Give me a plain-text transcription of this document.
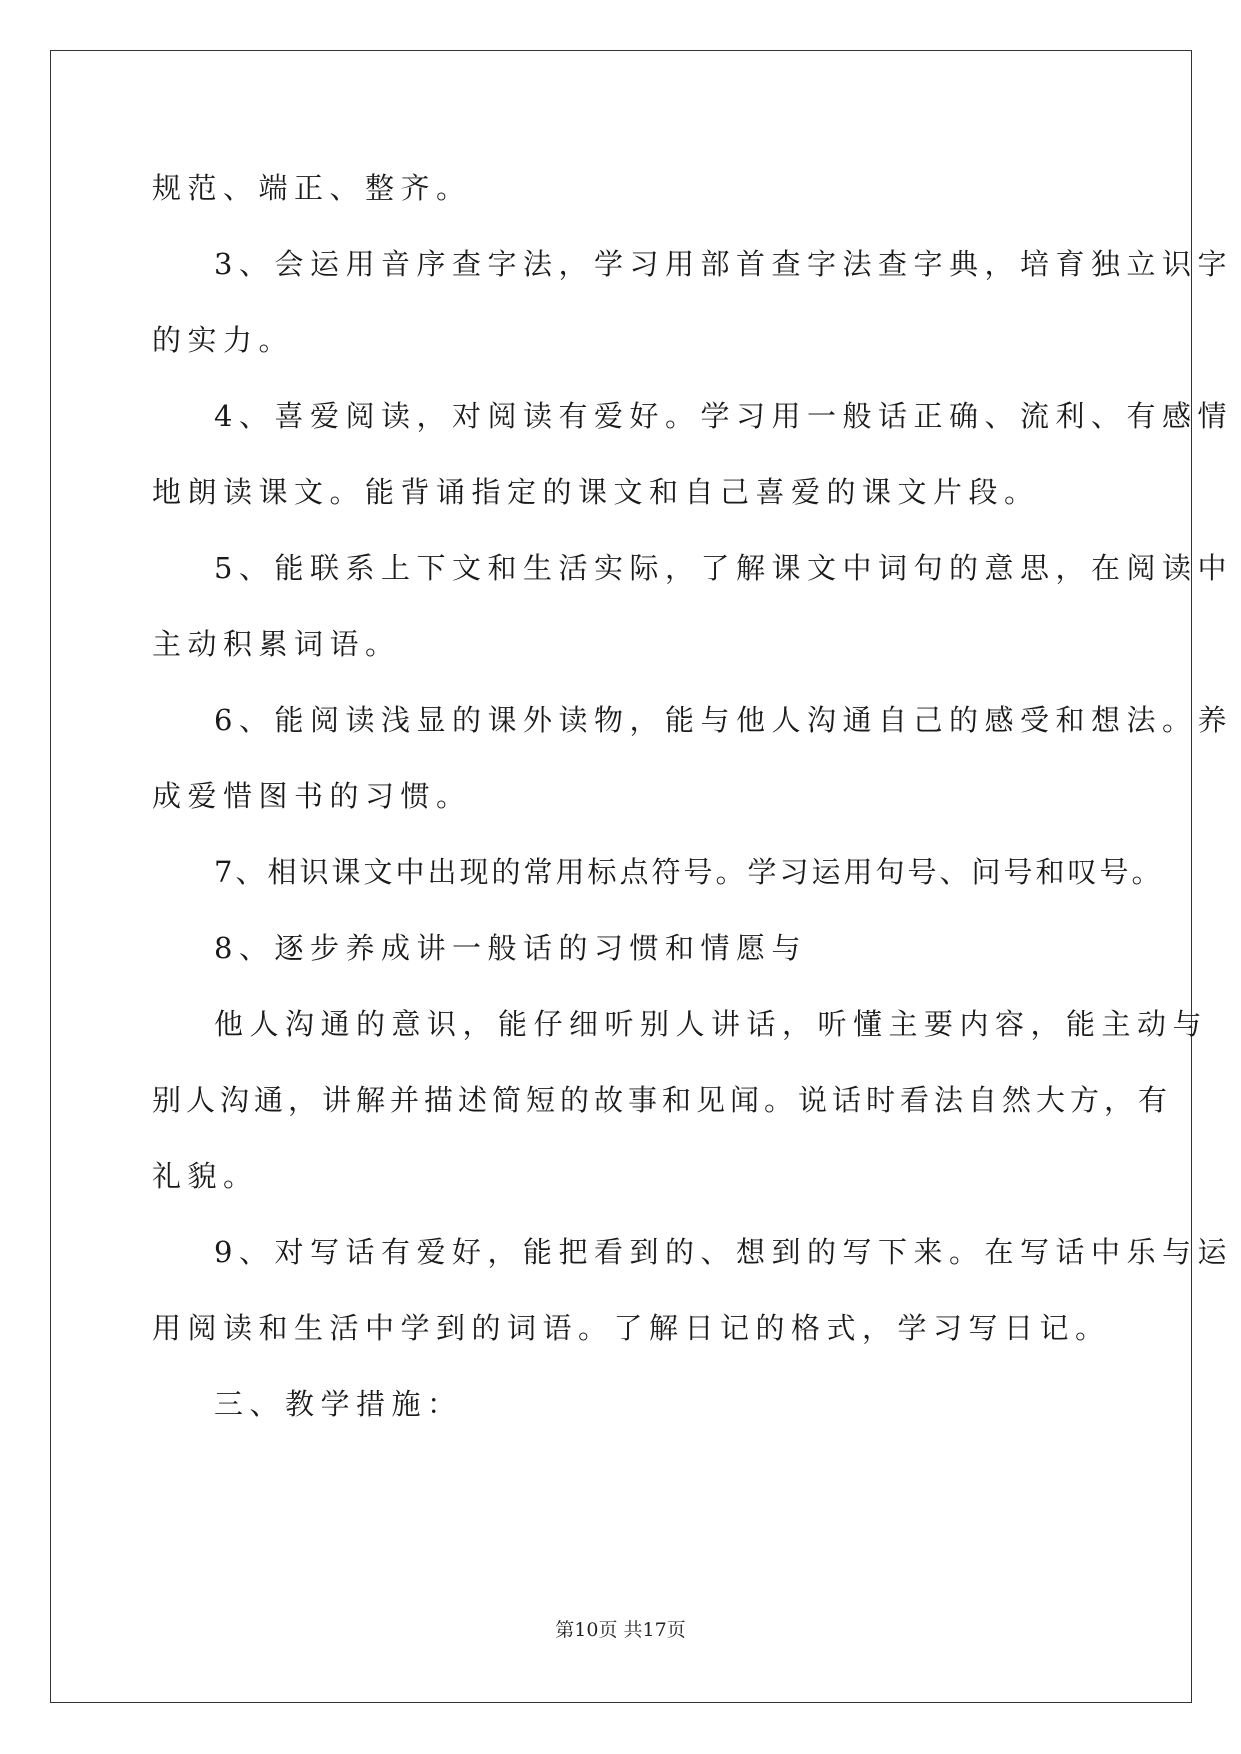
规范、端正、整齐。
3、会运用音序查字法，学习用部首查字法查字典，培育独立识字
的实力。
4、喜爱阅读，对阅读有爱好。学习用一般话正确、流利、有感情
地朗读课文。能背诵指定的课文和自己喜爱的课文片段。
5、能联系上下文和生活实际，了解课文中词句的意思，在阅读中
主动积累词语。
6、能阅读浅显的课外读物，能与他人沟通自己的感受和想法。养
成爱惜图书的习惯。
7、相识课文中出现的常用标点符号。学习运用句号、问号和叹号。
8、逐步养成讲一般话的习惯和情愿与
他人沟通的意识，能仔细听别人讲话，听懂主要内容，能主动与
别人沟通，讲解并描述简短的故事和见闻。说话时看法自然大方，有
礼貌。
9、对写话有爱好，能把看到的、想到的写下来。在写话中乐与运
用阅读和生活中学到的词语。了解日记的格式，学习写日记。
三、教学措施：
第10页 共17页
